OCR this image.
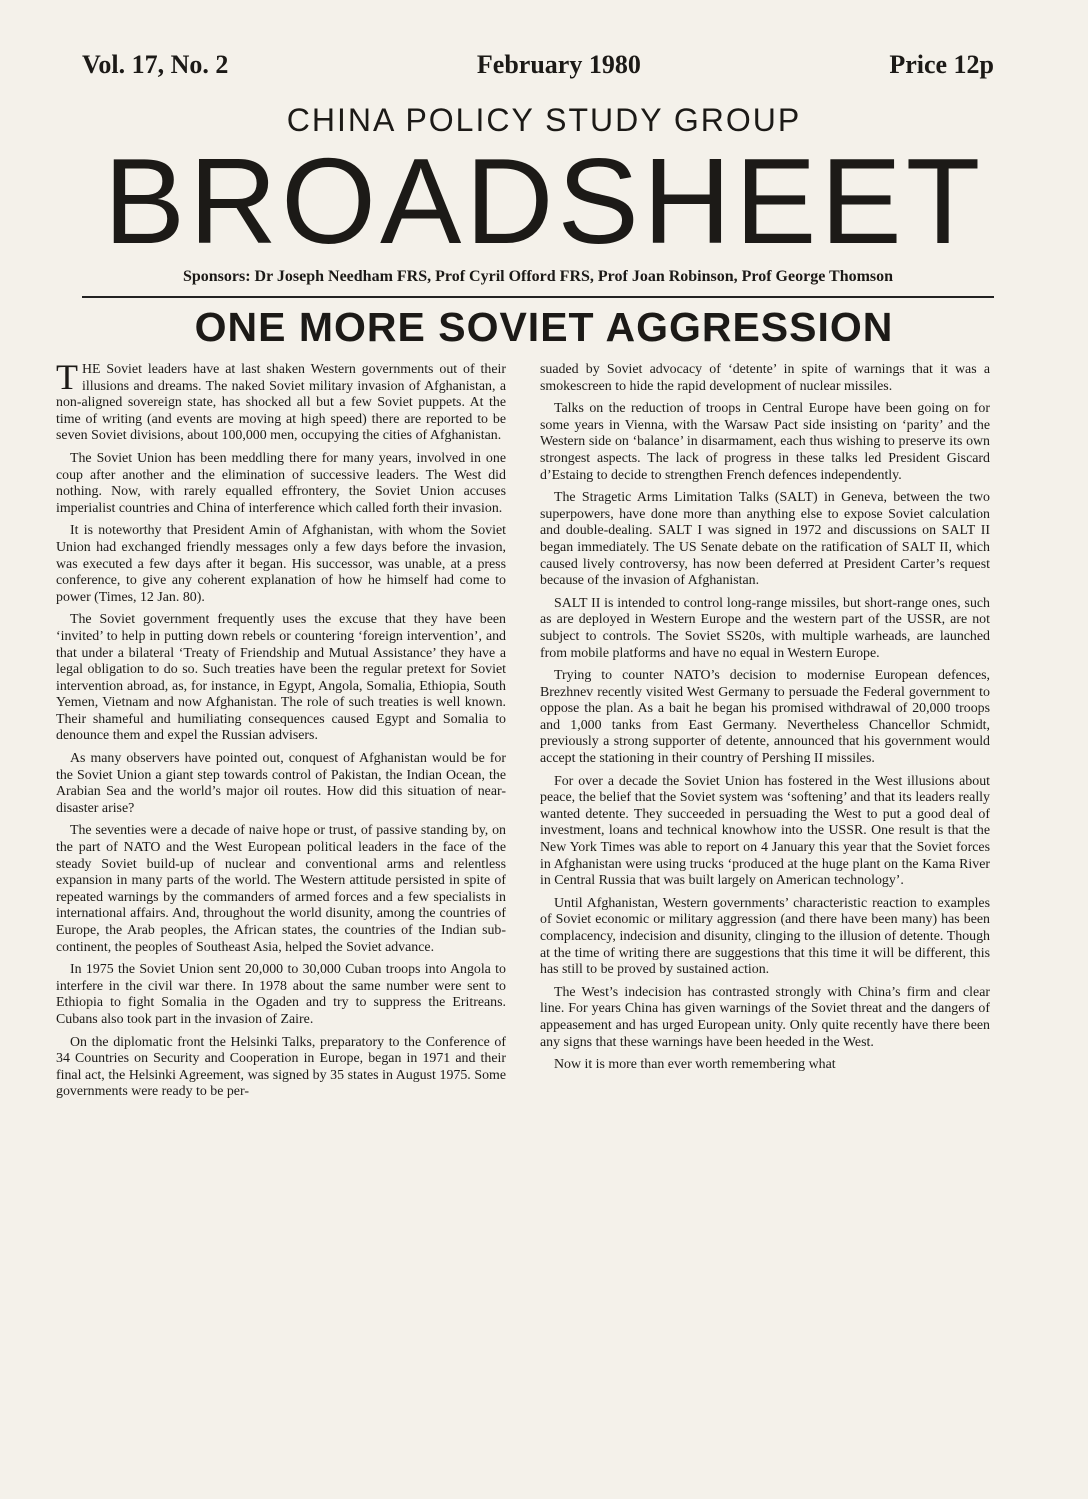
Vol. 17, No. 2	February 1980	Price 12p
CHINA POLICY STUDY GROUP
BROADSHEET
Sponsors: Dr Joseph Needham FRS, Prof Cyril Offord FRS, Prof Joan Robinson, Prof George Thomson
ONE MORE SOVIET AGGRESSION

THE Soviet leaders have at last shaken Western governments out of their illusions and dreams. The naked Soviet military invasion of Afghanistan, a non-aligned sovereign state, has shocked all but a few Soviet puppets. At the time of writing (and events are moving at high speed) there are reported to be seven Soviet divisions, about 100,000 men, occupying the cities of Afghanistan.

The Soviet Union has been meddling there for many years, involved in one coup after another and the elimination of successive leaders. The West did nothing. Now, with rarely equalled effrontery, the Soviet Union accuses imperialist countries and China of interference which called forth their invasion.

It is noteworthy that President Amin of Afghanistan, with whom the Soviet Union had exchanged friendly messages only a few days before the invasion, was executed a few days after it began. His successor, was unable, at a press conference, to give any coherent explanation of how he himself had come to power (Times, 12 Jan. 80).

The Soviet government frequently uses the excuse that they have been ‘invited’ to help in putting down rebels or countering ‘foreign intervention’, and that under a bilateral ‘Treaty of Friendship and Mutual Assistance’ they have a legal obligation to do so. Such treaties have been the regular pretext for Soviet intervention abroad, as, for instance, in Egypt, Angola, Somalia, Ethiopia, South Yemen, Vietnam and now Afghanistan. The role of such treaties is well known. Their shameful and humiliating consequences caused Egypt and Somalia to denounce them and expel the Russian advisers.

As many observers have pointed out, conquest of Afghanistan would be for the Soviet Union a giant step towards control of Pakistan, the Indian Ocean, the Arabian Sea and the world’s major oil routes. How did this situation of near-disaster arise?

The seventies were a decade of naive hope or trust, of passive standing by, on the part of NATO and the West European political leaders in the face of the steady Soviet build-up of nuclear and conventional arms and relentless expansion in many parts of the world. The Western attitude persisted in spite of repeated warnings by the commanders of armed forces and a few specialists in international affairs. And, throughout the world disunity, among the countries of Europe, the Arab peoples, the African states, the countries of the Indian sub-continent, the peoples of Southeast Asia, helped the Soviet advance.

In 1975 the Soviet Union sent 20,000 to 30,000 Cuban troops into Angola to interfere in the civil war there. In 1978 about the same number were sent to Ethiopia to fight Somalia in the Ogaden and try to suppress the Eritreans. Cubans also took part in the invasion of Zaire.

On the diplomatic front the Helsinki Talks, preparatory to the Conference of 34 Countries on Security and Cooperation in Europe, began in 1971 and their final act, the Helsinki Agreement, was signed by 35 states in August 1975. Some governments were ready to be per-

suaded by Soviet advocacy of ‘detente’ in spite of warnings that it was a smokescreen to hide the rapid development of nuclear missiles.

Talks on the reduction of troops in Central Europe have been going on for some years in Vienna, with the Warsaw Pact side insisting on ‘parity’ and the Western side on ‘balance’ in disarmament, each thus wishing to preserve its own strongest aspects. The lack of progress in these talks led President Giscard d’Estaing to decide to strengthen French defences independently.

The Stragetic Arms Limitation Talks (SALT) in Geneva, between the two superpowers, have done more than anything else to expose Soviet calculation and double-dealing. SALT I was signed in 1972 and discussions on SALT II began immediately. The US Senate debate on the ratification of SALT II, which caused lively controversy, has now been deferred at President Carter’s request because of the invasion of Afghanistan.

SALT II is intended to control long-range missiles, but short-range ones, such as are deployed in Western Europe and the western part of the USSR, are not subject to controls. The Soviet SS20s, with multiple warheads, are launched from mobile platforms and have no equal in Western Europe.

Trying to counter NATO’s decision to modernise European defences, Brezhnev recently visited West Germany to persuade the Federal government to oppose the plan. As a bait he began his promised withdrawal of 20,000 troops and 1,000 tanks from East Germany. Nevertheless Chancellor Schmidt, previously a strong supporter of detente, announced that his government would accept the stationing in their country of Pershing II missiles.

For over a decade the Soviet Union has fostered in the West illusions about peace, the belief that the Soviet system was ‘softening’ and that its leaders really wanted detente. They succeeded in persuading the West to put a good deal of investment, loans and technical knowhow into the USSR. One result is that the New York Times was able to report on 4 January this year that the Soviet forces in Afghanistan were using trucks ‘produced at the huge plant on the Kama River in Central Russia that was built largely on American technology’.

Until Afghanistan, Western governments’ characteristic reaction to examples of Soviet economic or military aggression (and there have been many) has been complacency, indecision and disunity, clinging to the illusion of detente. Though at the time of writing there are suggestions that this time it will be different, this has still to be proved by sustained action.

The West’s indecision has contrasted strongly with China’s firm and clear line. For years China has given warnings of the Soviet threat and the dangers of appeasement and has urged European unity. Only quite recently have there been any signs that these warnings have been heeded in the West.

Now it is more than ever worth remembering what
